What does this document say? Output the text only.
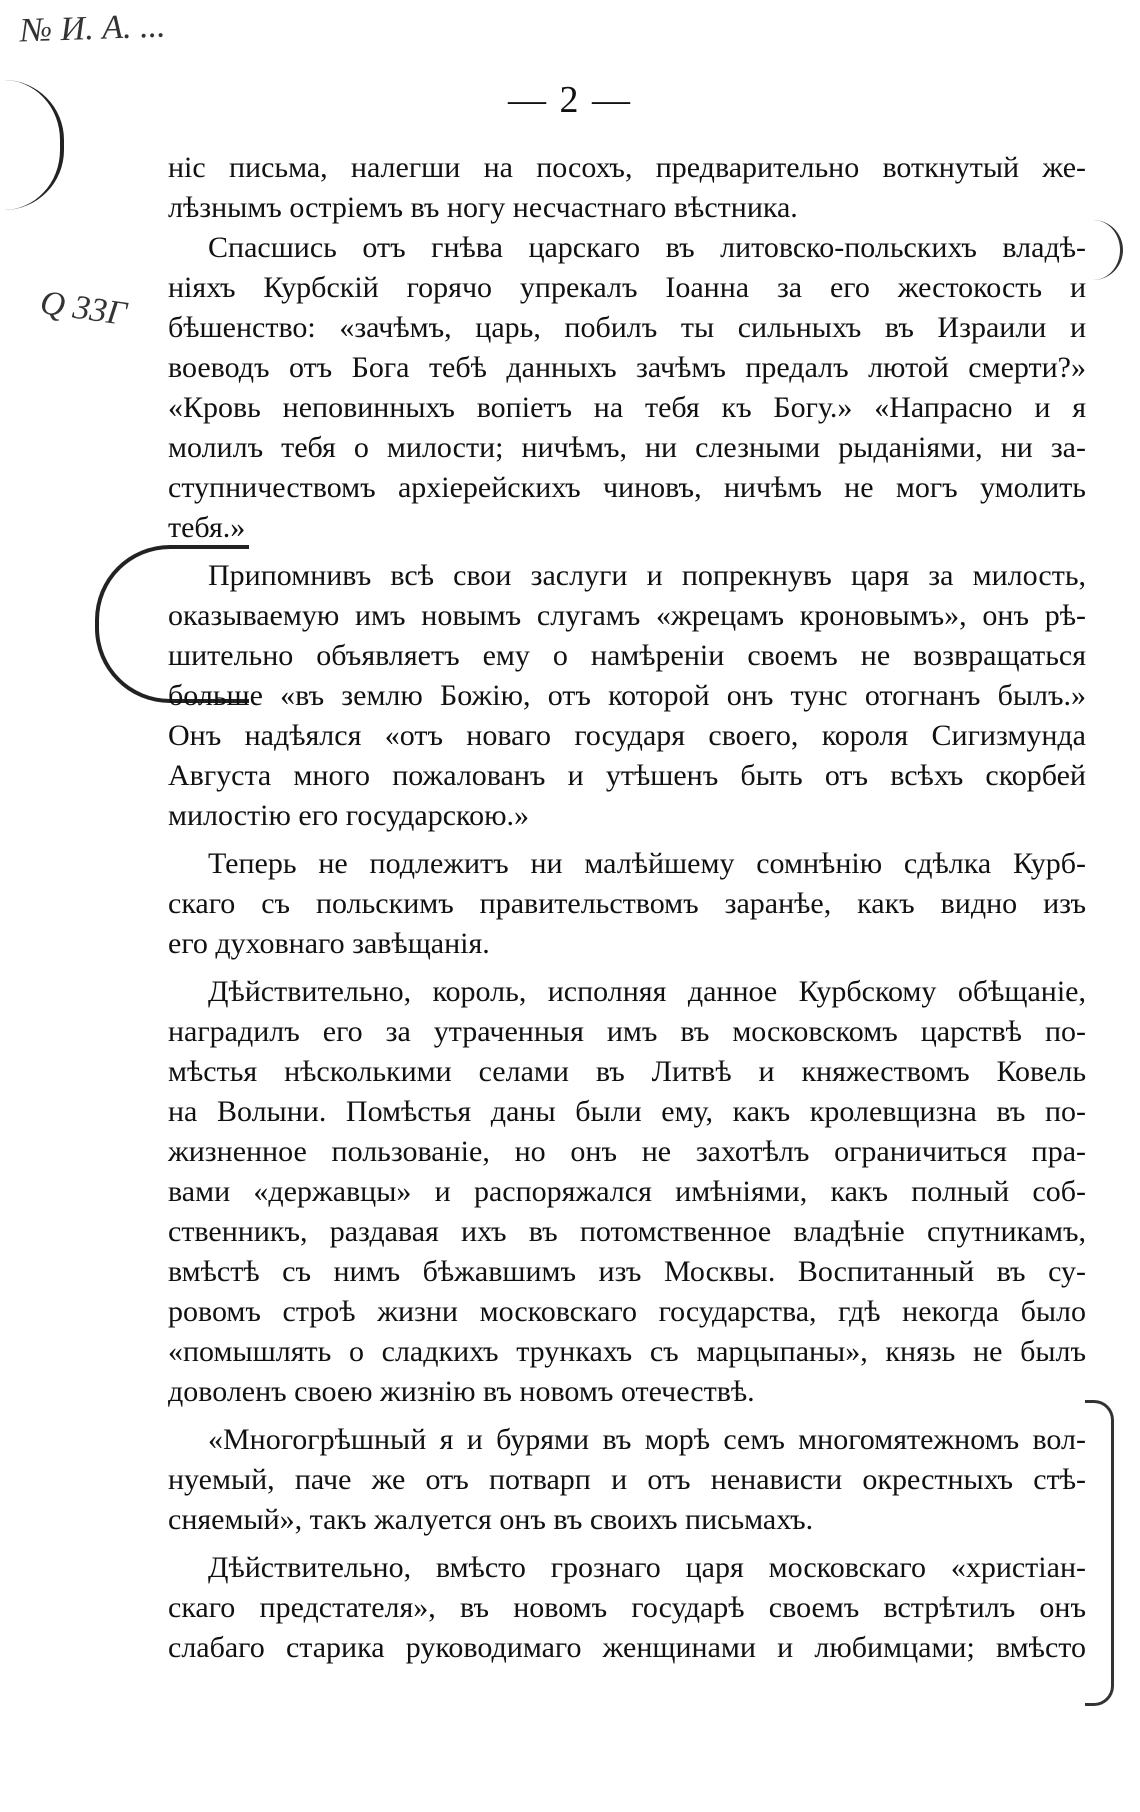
№ И. А. ...
Q 33Г
— 2 —
ніс письма, налегши на посохъ, предварительно воткнутый же-
лѣзнымъ остріемъ въ ногу несчастнаго вѣстника.
Спасшись отъ гнѣва царскаго въ литовско-польскихъ владѣ-
ніяхъ Курбскій горячо упрекалъ Іоанна за его жестокость и
бѣшенство: «зачѣмъ, царь, побилъ ты сильныхъ въ Израили и
воеводъ отъ Бога тебѣ данныхъ зачѣмъ предалъ лютой смерти?»
«Кровь неповинныхъ вопіетъ на тебя къ Богу.» «Напрасно и я
молилъ тебя о милости; ничѣмъ, ни слезными рыданіями, ни за-
ступничествомъ архіерейскихъ чиновъ, ничѣмъ не могъ умолить
тебя.»
Припомнивъ всѣ свои заслуги и попрекнувъ царя за милость,
оказываемую имъ новымъ слугамъ «жрецамъ кроновымъ», онъ рѣ-
шительно объявляетъ ему о намѣреніи своемъ не возвращаться
больше «въ землю Божію, отъ которой онъ тунс отогнанъ былъ.»
Онъ надѣялся «отъ новаго государя своего, короля Сигизмунда
Августа много пожалованъ и утѣшенъ быть отъ всѣхъ скорбей
милостію его государскою.»
Теперь не подлежитъ ни малѣйшему сомнѣнію сдѣлка Курб-
скаго съ польскимъ правительствомъ заранѣе, какъ видно изъ
его духовнаго завѣщанія.
Дѣйствительно, король, исполняя данное Курбскому обѣщаніе,
наградилъ его за утраченныя имъ въ московскомъ царствѣ по-
мѣстья нѣсколькими селами въ Литвѣ и княжествомъ Ковель
на Волыни. Помѣстья даны были ему, какъ кролевщизна въ по-
жизненное пользованіе, но онъ не захотѣлъ ограничиться пра-
вами «державцы» и распоряжался имѣніями, какъ полный соб-
ственникъ, раздавая ихъ въ потомственное владѣніе спутникамъ,
вмѣстѣ съ нимъ бѣжавшимъ изъ Москвы. Воспитанный въ су-
ровомъ строѣ жизни московскаго государства, гдѣ некогда было
«помышлять о сладкихъ трункахъ съ марцыпаны», князь не былъ
доволенъ своею жизнію въ новомъ отечествѣ.
«Многогрѣшный я и бурями въ морѣ семъ многомятежномъ вол-
нуемый, паче же отъ потварп и отъ ненависти окрестныхъ стѣ-
сняемый», такъ жалуется онъ въ своихъ письмахъ.
Дѣйствительно, вмѣсто грознаго царя московскаго «христіан-
скаго предстателя», въ новомъ государѣ своемъ встрѣтилъ онъ
слабаго старика руководимаго женщинами и любимцами; вмѣсто
